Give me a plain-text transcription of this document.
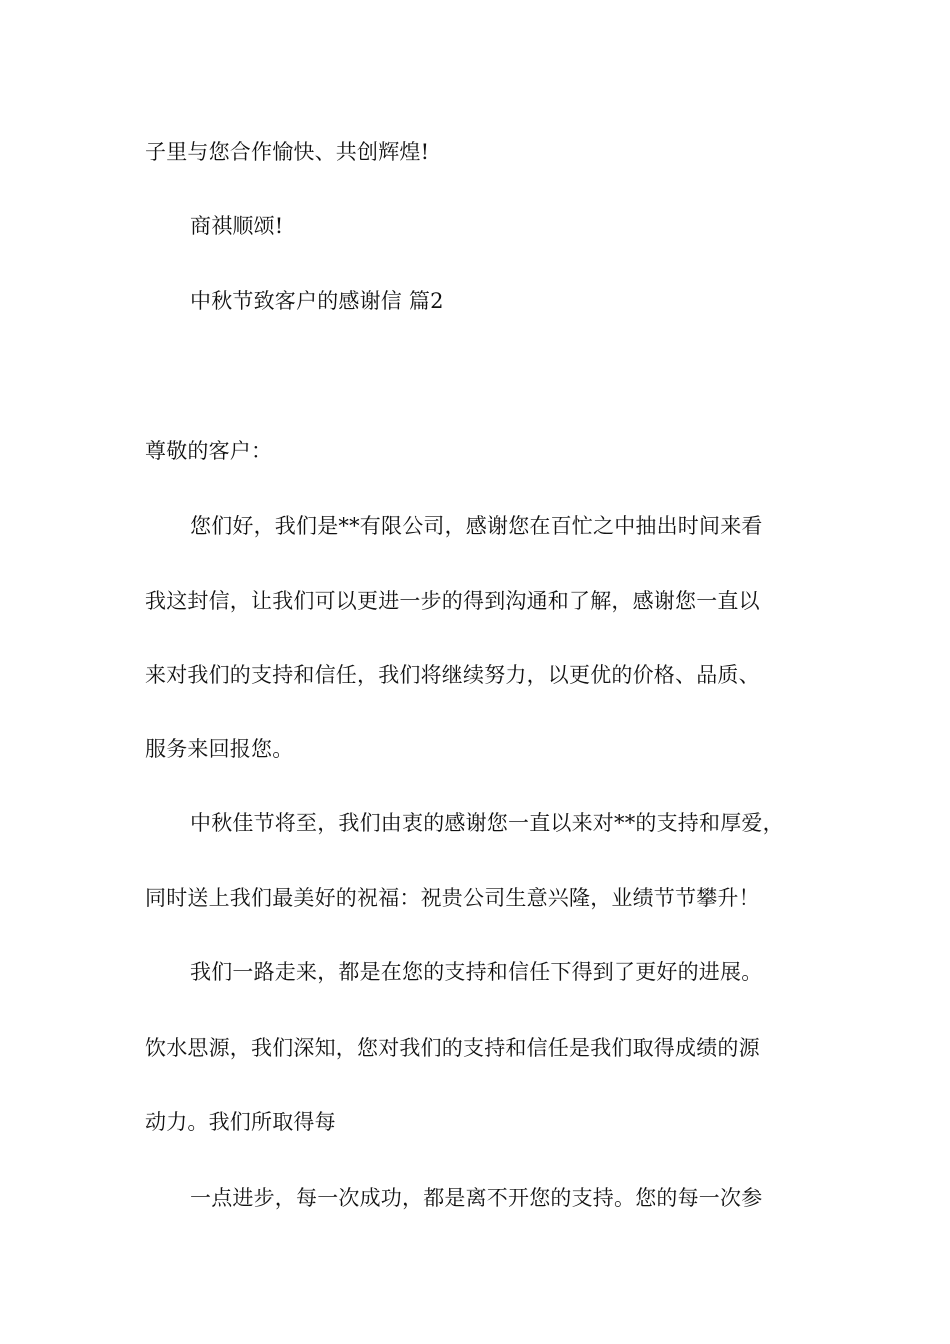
子里与您合作愉快、共创辉煌!
商祺顺颂!
中秋节致客户的感谢信 篇2
尊敬的客户：
您们好，我们是**有限公司，感谢您在百忙之中抽出时间来看
我这封信，让我们可以更进一步的得到沟通和了解，感谢您一直以
来对我们的支持和信任，我们将继续努力，以更优的价格、品质、
服务来回报您。
中秋佳节将至，我们由衷的感谢您一直以来对**的支持和厚爱，
同时送上我们最美好的祝福：祝贵公司生意兴隆，业绩节节攀升！
我们一路走来，都是在您的支持和信任下得到了更好的进展。
饮水思源，我们深知，您对我们的支持和信任是我们取得成绩的源
动力。我们所取得每
一点进步，每一次成功，都是离不开您的支持。您的每一次参
